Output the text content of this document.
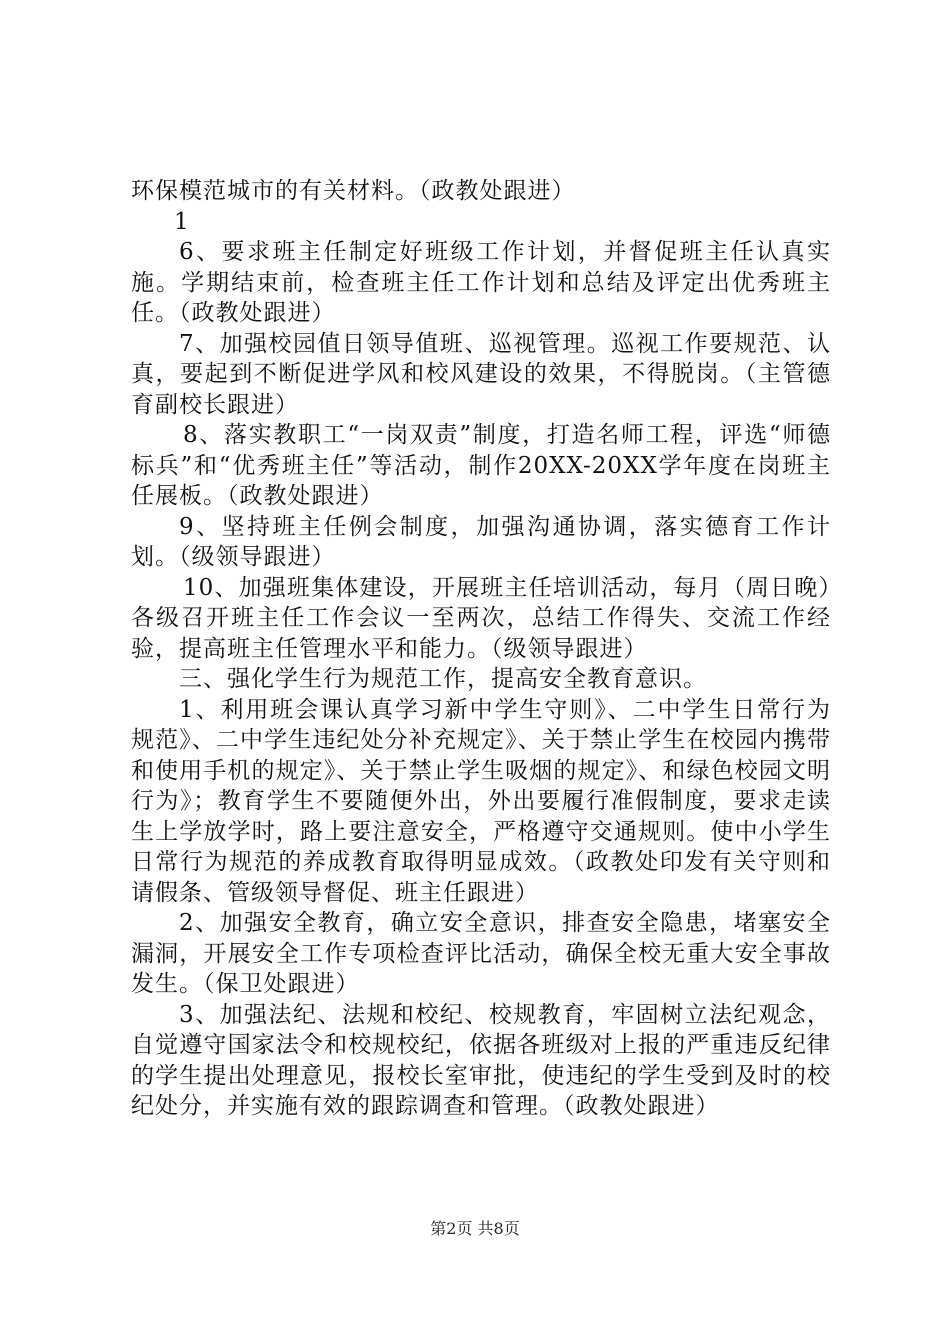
环保模范城市的有关材料。（政教处跟进）

1

6、要求班主任制定好班级工作计划，并督促班主任认真实施。学期结束前，检查班主任工作计划和总结及评定出优秀班主任。（政教处跟进）

7、加强校园值日领导值班、巡视管理。巡视工作要规范、认真，要起到不断促进学风和校风建设的效果，不得脱岗。（主管德育副校长跟进）

8、落实教职工“一岗双责”制度，打造名师工程，评选“师德标兵”和“优秀班主任”等活动，制作20XX-20XX学年度在岗班主任展板。（政教处跟进）

9、坚持班主任例会制度，加强沟通协调，落实德育工作计划。（级领导跟进）

10、加强班集体建设，开展班主任培训活动，每月（周日晚）各级召开班主任工作会议一至两次，总结工作得失、交流工作经验，提高班主任管理水平和能力。（级领导跟进）

三、强化学生行为规范工作，提高安全教育意识。

1、利用班会课认真学习新中学生守则》、二中学生日常行为规范》、二中学生违纪处分补充规定》、关于禁止学生在校园内携带和使用手机的规定》、关于禁止学生吸烟的规定》、和绿色校园文明行为》；教育学生不要随便外出，外出要履行准假制度，要求走读生上学放学时，路上要注意安全，严格遵守交通规则。使中小学生日常行为规范的养成教育取得明显成效。（政教处印发有关守则和请假条、管级领导督促、班主任跟进）

2、加强安全教育，确立安全意识，排查安全隐患，堵塞安全漏洞，开展安全工作专项检查评比活动，确保全校无重大安全事故发生。（保卫处跟进）

3、加强法纪、法规和校纪、校规教育，牢固树立法纪观念，自觉遵守国家法令和校规校纪，依据各班级对上报的严重违反纪律的学生提出处理意见，报校长室审批，使违纪的学生受到及时的校纪处分，并实施有效的跟踪调查和管理。（政教处跟进）

第2页 共8页
